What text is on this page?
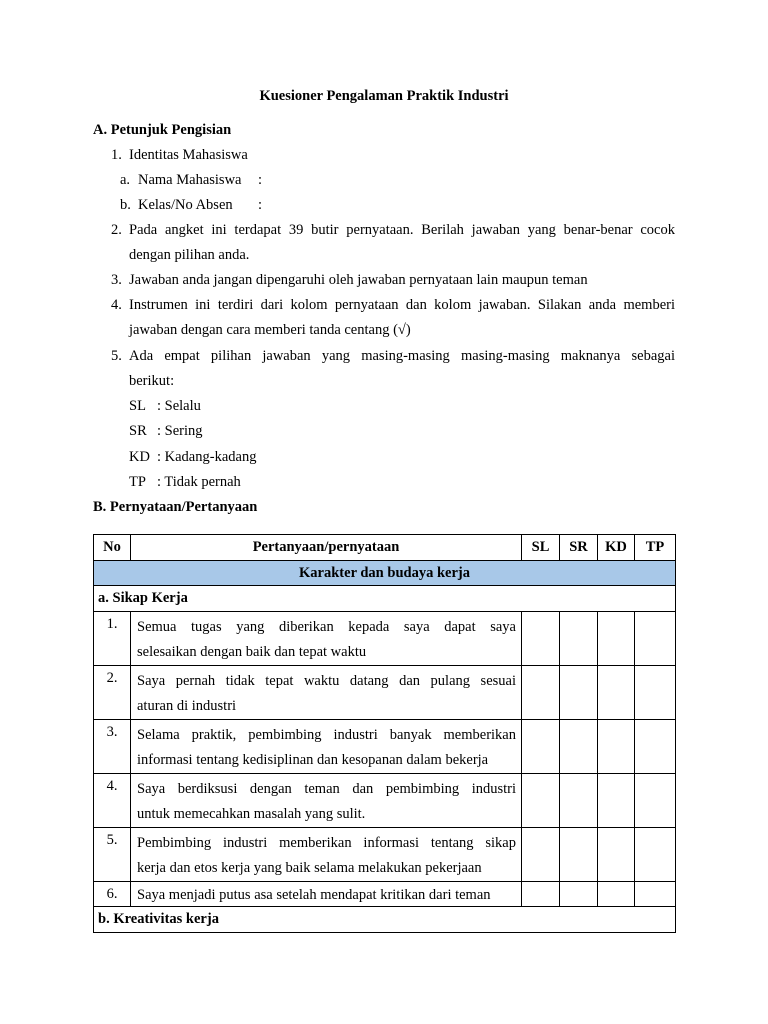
Kuesioner Pengalaman Praktik Industri
A. Petunjuk Pengisian
1. Identitas Mahasiswa
a. Nama Mahasiswa :
b. Kelas/No Absen :
2. Pada angket ini terdapat 39 butir pernyataan. Berilah jawaban yang benar-benar cocok
dengan pilihan anda.
3. Jawaban anda jangan dipengaruhi oleh jawaban pernyataan lain maupun teman
4. Instrumen ini terdiri dari kolom pernyataan dan kolom jawaban. Silakan anda memberi
jawaban dengan cara memberi tanda centang (√)
5. Ada empat pilihan jawaban yang masing-masing masing-masing maknanya sebagai
berikut:
SL : Selalu
SR : Sering
KD : Kadang-kadang
TP : Tidak pernah
B. Pernyataan/Pertanyaan
No	Pertanyaan/pernyataan	SL	SR	KD	TP
Karakter dan budaya kerja					
a. Sikap Kerja					
1.	Semua tugas yang diberikan kepada saya dapat saya
selesaikan dengan baik dan tepat waktu				

2.	Saya pernah tidak tepat waktu datang dan pulang sesuai
aturan di industri				

3.	Selama praktik, pembimbing industri banyak memberikan
informasi tentang kedisiplinan dan kesopanan dalam bekerja				

4.	Saya berdiksusi dengan teman dan pembimbing industri
untuk memecahkan masalah yang sulit.				

5.	Pembimbing industri memberikan informasi tentang sikap
kerja dan etos kerja yang baik selama melakukan pekerjaan				

6.	Saya menjadi putus asa setelah mendapat kritikan dari teman				

b. Kreativitas kerja					
